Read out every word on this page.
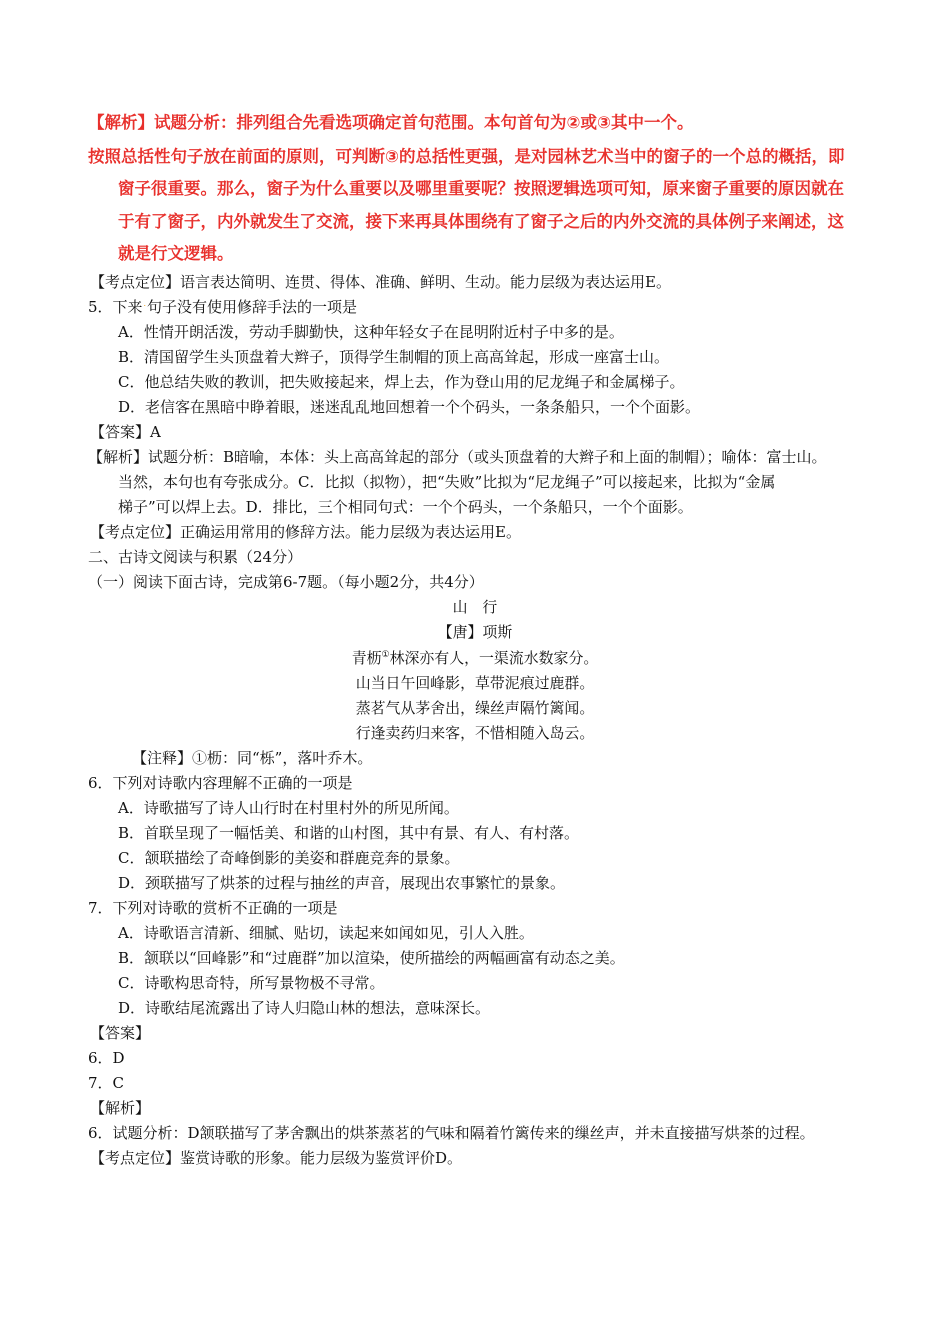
【解析】试题分析：排列组合先看选项确定首句范围。本句首句为②或③其中一个。
按照总括性句子放在前面的原则，可判断③的总括性更强，是对园林艺术当中的窗子的一个总的概括，即
窗子很重要。那么，窗子为什么重要以及哪里重要呢？按照逻辑选项可知，原来窗子重要的原因就在
于有了窗子，内外就发生了交流，接下来再具体围绕有了窗子之后的内外交流的具体例子来阐述，这
就是行文逻辑。
【考点定位】语言表达简明、连贯、得体、准确、鲜明、生动。能力层级为表达运用E。
5．下来˙句子没有使用修辞手法的一项是
A．性情开朗活泼，劳动手脚勤快，这种年轻女子在昆明附近村子中多的是。
B．清国留学生头顶盘着大辫子，顶得学生制帽的顶上高高耸起，形成一座富士山。
C．他总结失败的教训，把失败接起来，焊上去，作为登山用的尼龙绳子和金属梯子。
D．老信客在黑暗中睁着眼，迷迷乱乱地回想着一个个码头，一条条船只，一个个面影。
【答案】A
【解析】试题分析：B暗喻，本体：头上高高耸起的部分（或头顶盘着的大辫子和上面的制帽）；喻体：富士山。
当然，本句也有夸张成分。C．比拟（拟物），把“失败”比拟为“尼龙绳子”可以接起来，比拟为“金属
梯子”可以焊上去。D．排比，三个相同句式：一个个码头，一个条船只，一个个面影。
【考点定位】正确运用常用的修辞方法。能力层级为表达运用E。
二、古诗文阅读与积累（24分）
（一）阅读下面古诗，完成第6-7题。（每小题2分，共4分）
山　行
【唐】项斯
青枥①林深亦有人，一渠流水数家分。
山当日午回峰影，草带泥痕过鹿群。
蒸茗气从茅舍出，缲丝声隔竹篱闻。
行逢卖药归来客，不惜相随入岛云。
【注释】①枥：同“栎”，落叶乔木。
6．下列对诗歌内容理解不正确的一项是
A．诗歌描写了诗人山行时在村里村外的所见所闻。
B．首联呈现了一幅恬美、和谐的山村图，其中有景、有人、有村落。
C．颔联描绘了奇峰倒影的美姿和群鹿竞奔的景象。
D．颈联描写了烘茶的过程与抽丝的声音，展现出农事繁忙的景象。
7．下列对诗歌的赏析不正确的一项是
A．诗歌语言清新、细腻、贴切，读起来如闻如见，引人入胜。
B．颔联以“回峰影”和“过鹿群”加以渲染，使所描绘的两幅画富有动态之美。
C．诗歌构思奇特，所写景物极不寻常。
D．诗歌结尾流露出了诗人归隐山林的想法，意味深长。
【答案】
6．D
7．C
【解析】
6．试题分析：D颔联描写了茅舍飘出的烘茶蒸茗的气味和隔着竹篱传来的缫丝声，并未直接描写烘茶的过程。
【考点定位】鉴赏诗歌的形象。能力层级为鉴赏评价D。
